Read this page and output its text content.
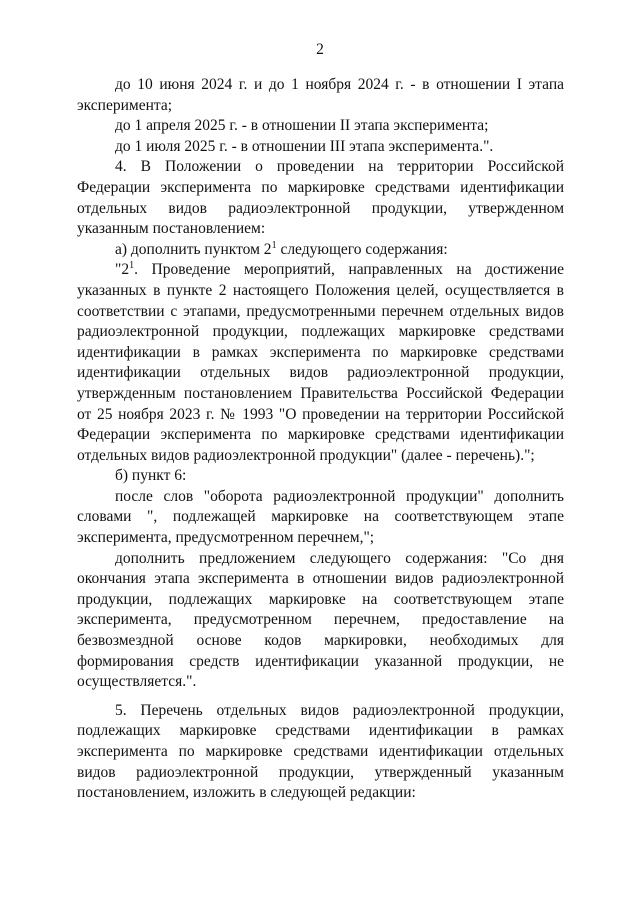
2

до 10 июня 2024 г. и до 1 ноября 2024 г. - в отношении I этапа
эксперимента;

до 1 апреля 2025 г. - в отношении II этапа эксперимента;

до 1 июля 2025 г. - в отношении III этапа эксперимента.".

4. В Положении о проведении на территории Российской Федерации эксперимента по маркировке средствами идентификации отдельных видов радиоэлектронной продукции, утвержденном указанным постановлением:

а) дополнить пунктом $2^1$ следующего содержания:

"$2^1$. Проведение мероприятий, направленных на достижение указанных в пункте 2 настоящего Положения целей, осуществляется в соответствии с этапами, предусмотренными перечнем отдельных видов радиоэлектронной продукции, подлежащих маркировке средствами идентификации в рамках эксперимента по маркировке средствами идентификации отдельных видов радиоэлектронной продукции, утвержденным постановлением Правительства Российской Федерации от 25 ноября 2023 г. № 1993 "О проведении на территории Российской Федерации эксперимента по маркировке средствами идентификации отдельных видов радиоэлектронной продукции" (далее - перечень).";

б) пункт 6:

после слов "оборота радиоэлектронной продукции" дополнить словами ", подлежащей маркировке на соответствующем этапе эксперимента, предусмотренном перечнем,";

дополнить предложением следующего содержания: "Со дня окончания этапа эксперимента в отношении видов радиоэлектронной продукции, подлежащих маркировке на соответствующем этапе эксперимента, предусмотренном перечнем, предоставление на безвозмездной основе кодов маркировки, необходимых для формирования средств идентификации указанной продукции, не осуществляется.".

5. Перечень отдельных видов радиоэлектронной продукции, подлежащих маркировке средствами идентификации в рамках эксперимента по маркировке средствами идентификации отдельных видов радиоэлектронной продукции, утвержденный указанным постановлением, изложить в следующей редакции:
